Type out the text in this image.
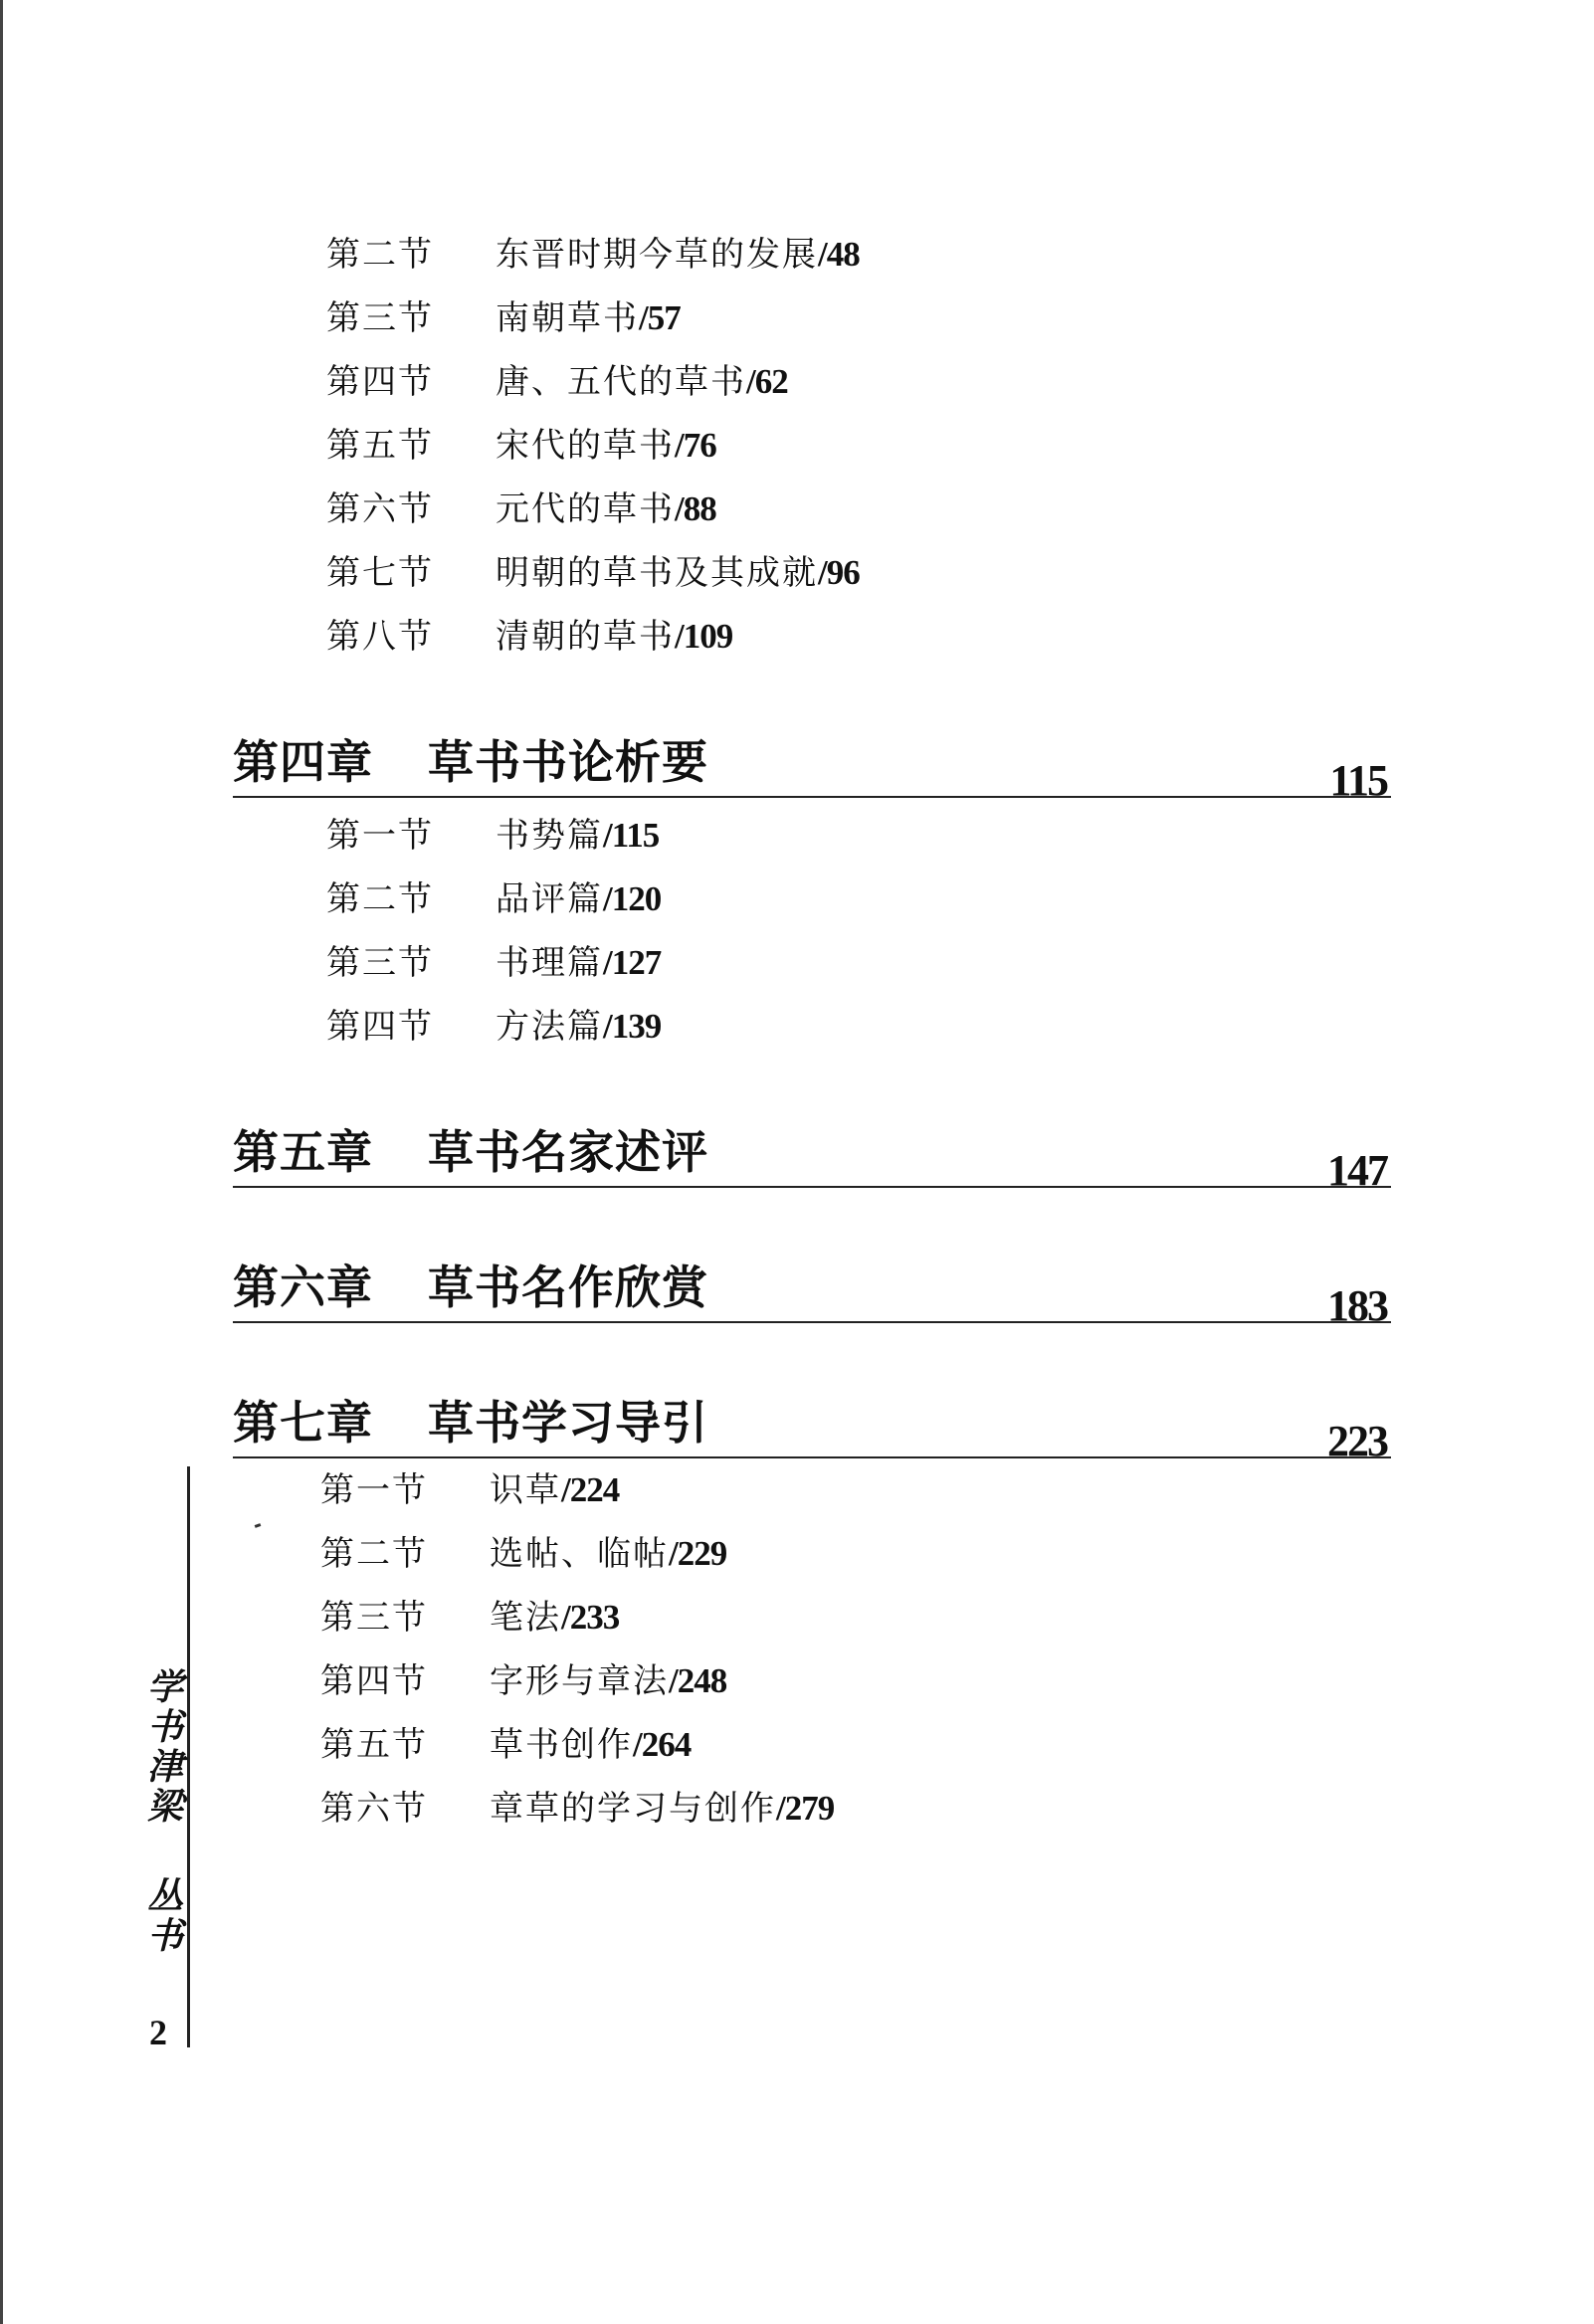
第二节 东晋时期今草的发展/48
第三节 南朝草书/57
第四节 唐、五代的草书/62
第五节 宋代的草书/76
第六节 元代的草书/88
第七节 明朝的草书及其成就/96
第八节 清朝的草书/109
第四章 草书书论析要	115
第一节 书势篇/115
第二节 品评篇/120
第三节 书理篇/127
第四节 方法篇/139
第五章 草书名家述评	147
第六章 草书名作欣赏	183
第七章 草书学习导引	223
第一节 识草/224
第二节 选帖、临帖/229
第三节 笔法/233
第四节 字形与章法/248
第五节 草书创作/264
第六节 章草的学习与创作/279
学书津梁
丛书
2
